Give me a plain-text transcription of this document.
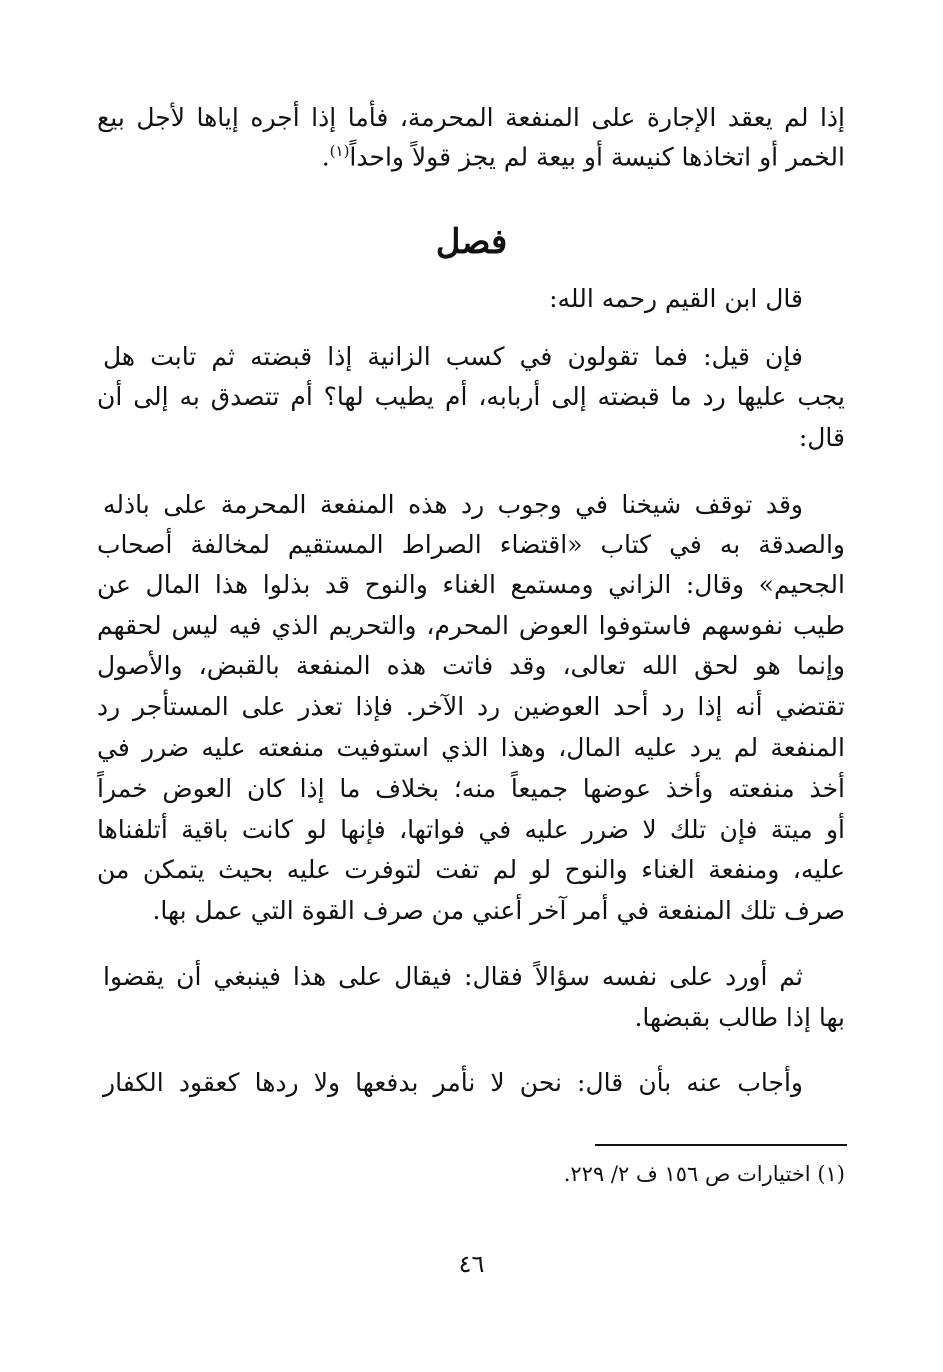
إذا لم يعقد الإجارة على المنفعة المحرمة، فأما إذا أجره إياها لأجل بيع
الخمر أو اتخاذها كنيسة أو بيعة لم يجز قولاً واحداً$^{(١)}$.
فصل
قال ابن القيم رحمه الله:
فإن قيل: فما تقولون في كسب الزانية إذا قبضته ثم تابت هل
يجب عليها رد ما قبضته إلى أربابه، أم يطيب لها؟ أم تتصدق به إلى أن
قال:
وقد توقف شيخنا في وجوب رد هذه المنفعة المحرمة على باذله
والصدقة به في كتاب «اقتضاء الصراط المستقيم لمخالفة أصحاب
الجحيم» وقال: الزاني ومستمع الغناء والنوح قد بذلوا هذا المال عن
طيب نفوسهم فاستوفوا العوض المحرم، والتحريم الذي فيه ليس لحقهم
وإنما هو لحق الله تعالى، وقد فاتت هذه المنفعة بالقبض، والأصول
تقتضي أنه إذا رد أحد العوضين رد الآخر. فإذا تعذر على المستأجر رد
المنفعة لم يرد عليه المال، وهذا الذي استوفيت منفعته عليه ضرر في
أخذ منفعته وأخذ عوضها جميعاً منه؛ بخلاف ما إذا كان العوض خمراً
أو ميتة فإن تلك لا ضرر عليه في فواتها، فإنها لو كانت باقية أتلفناها
عليه، ومنفعة الغناء والنوح لو لم تفت لتوفرت عليه بحيث يتمكن من
صرف تلك المنفعة في أمر آخر أعني من صرف القوة التي عمل بها.
ثم أورد على نفسه سؤالاً فقال: فيقال على هذا فينبغي أن يقضوا
بها إذا طالب بقبضها.
وأجاب عنه بأن قال: نحن لا نأمر بدفعها ولا ردها كعقود الكفار
(١) اختيارات ص ١٥٦ ف ٢/ ٢٢٩.
٤٦
